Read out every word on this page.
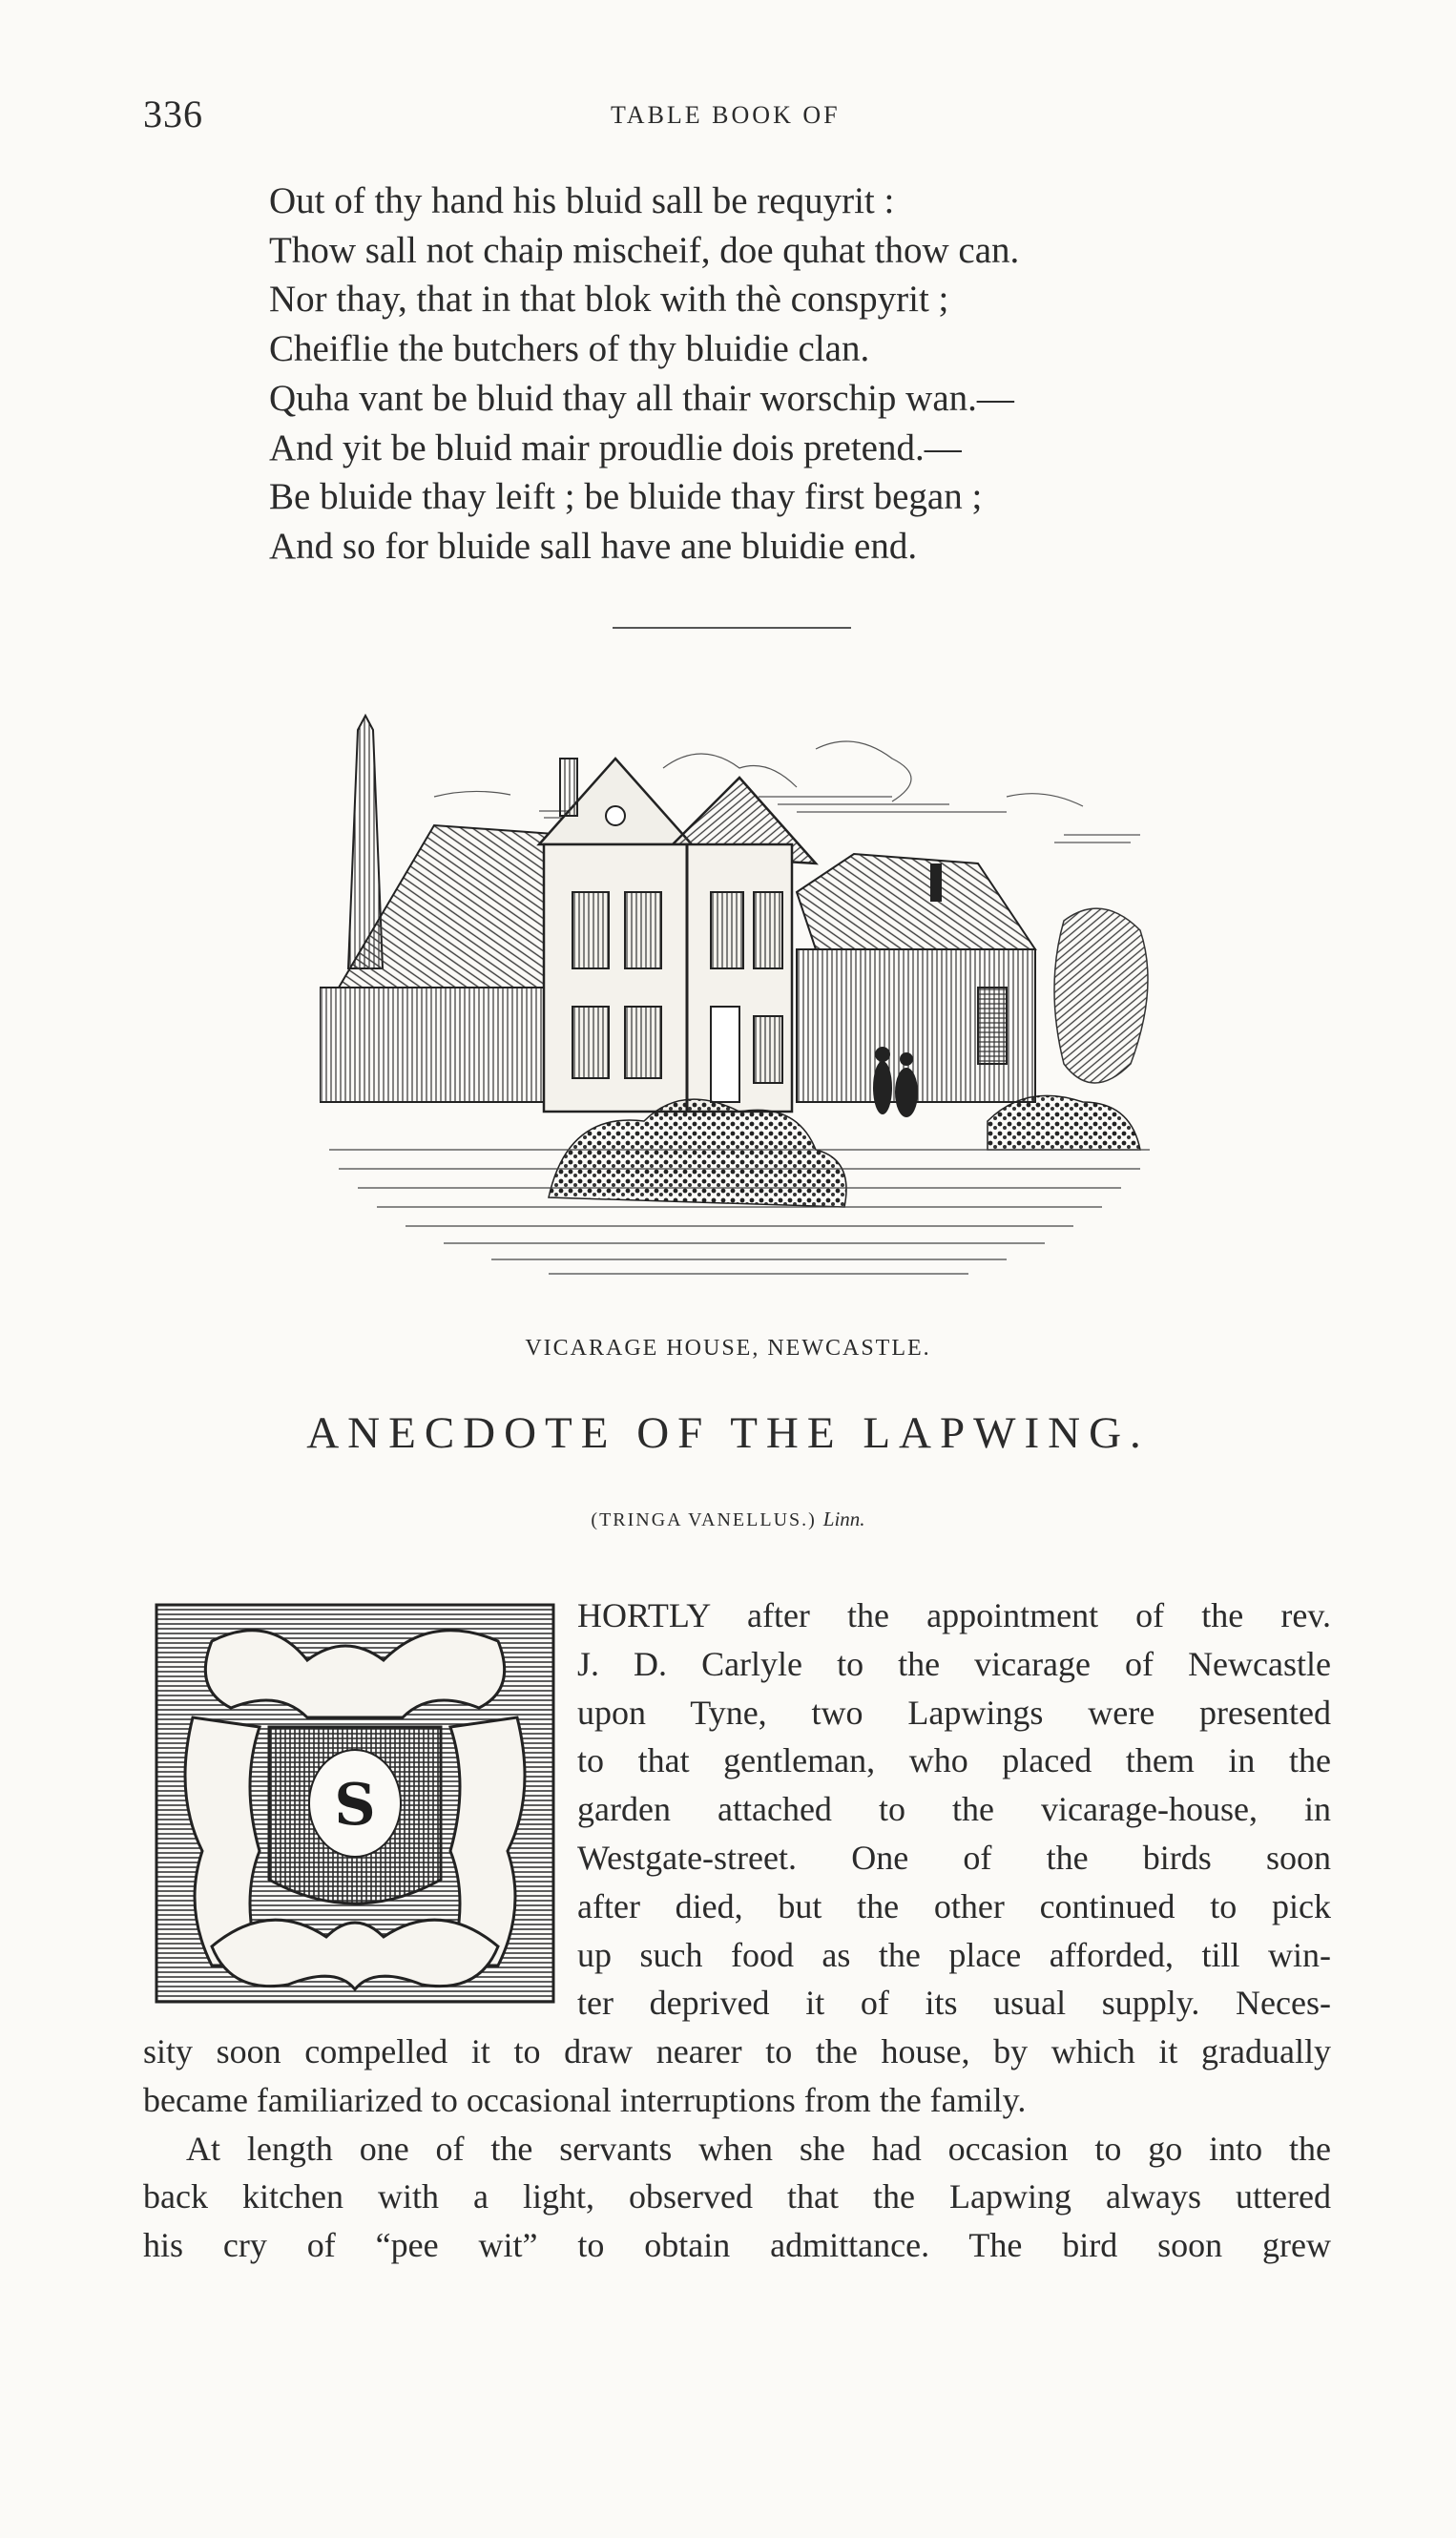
336	TABLE BOOK OF
Out of thy hand his bluid sall be requyrit :
Thow sall not chaip mischeif, doe quhat thow can.
Nor thay, that in that blok with thè conspyrit ;
Cheiflie the butchers of thy bluidie clan.
Quha vant be bluid thay all thair worschip wan.—
And yit be bluid mair proudlie dois pretend.—
Be bluide thay leift ; be bluide thay first began ;
And so for bluide sall have ane bluidie end.
VICARAGE HOUSE, NEWCASTLE.
ANECDOTE OF THE LAPWING.
(TRINGA VANELLUS.) Linn.
S
HORTLY after the appointment of the rev.
J. D. Carlyle to the vicarage of Newcastle
upon Tyne, two Lapwings were presented
to that gentleman, who placed them in the
garden attached to the vicarage-house, in
Westgate-street. One of the birds soon
after died, but the other continued to pick
up such food as the place afforded, till win-
ter deprived it of its usual supply. Neces-
sity soon compelled it to draw nearer to the house, by which it gradually
became familiarized to occasional interruptions from the family.
At length one of the servants when she had occasion to go into the
back kitchen with a light, observed that the Lapwing always uttered
his cry of “pee wit” to obtain admittance. The bird soon grew
